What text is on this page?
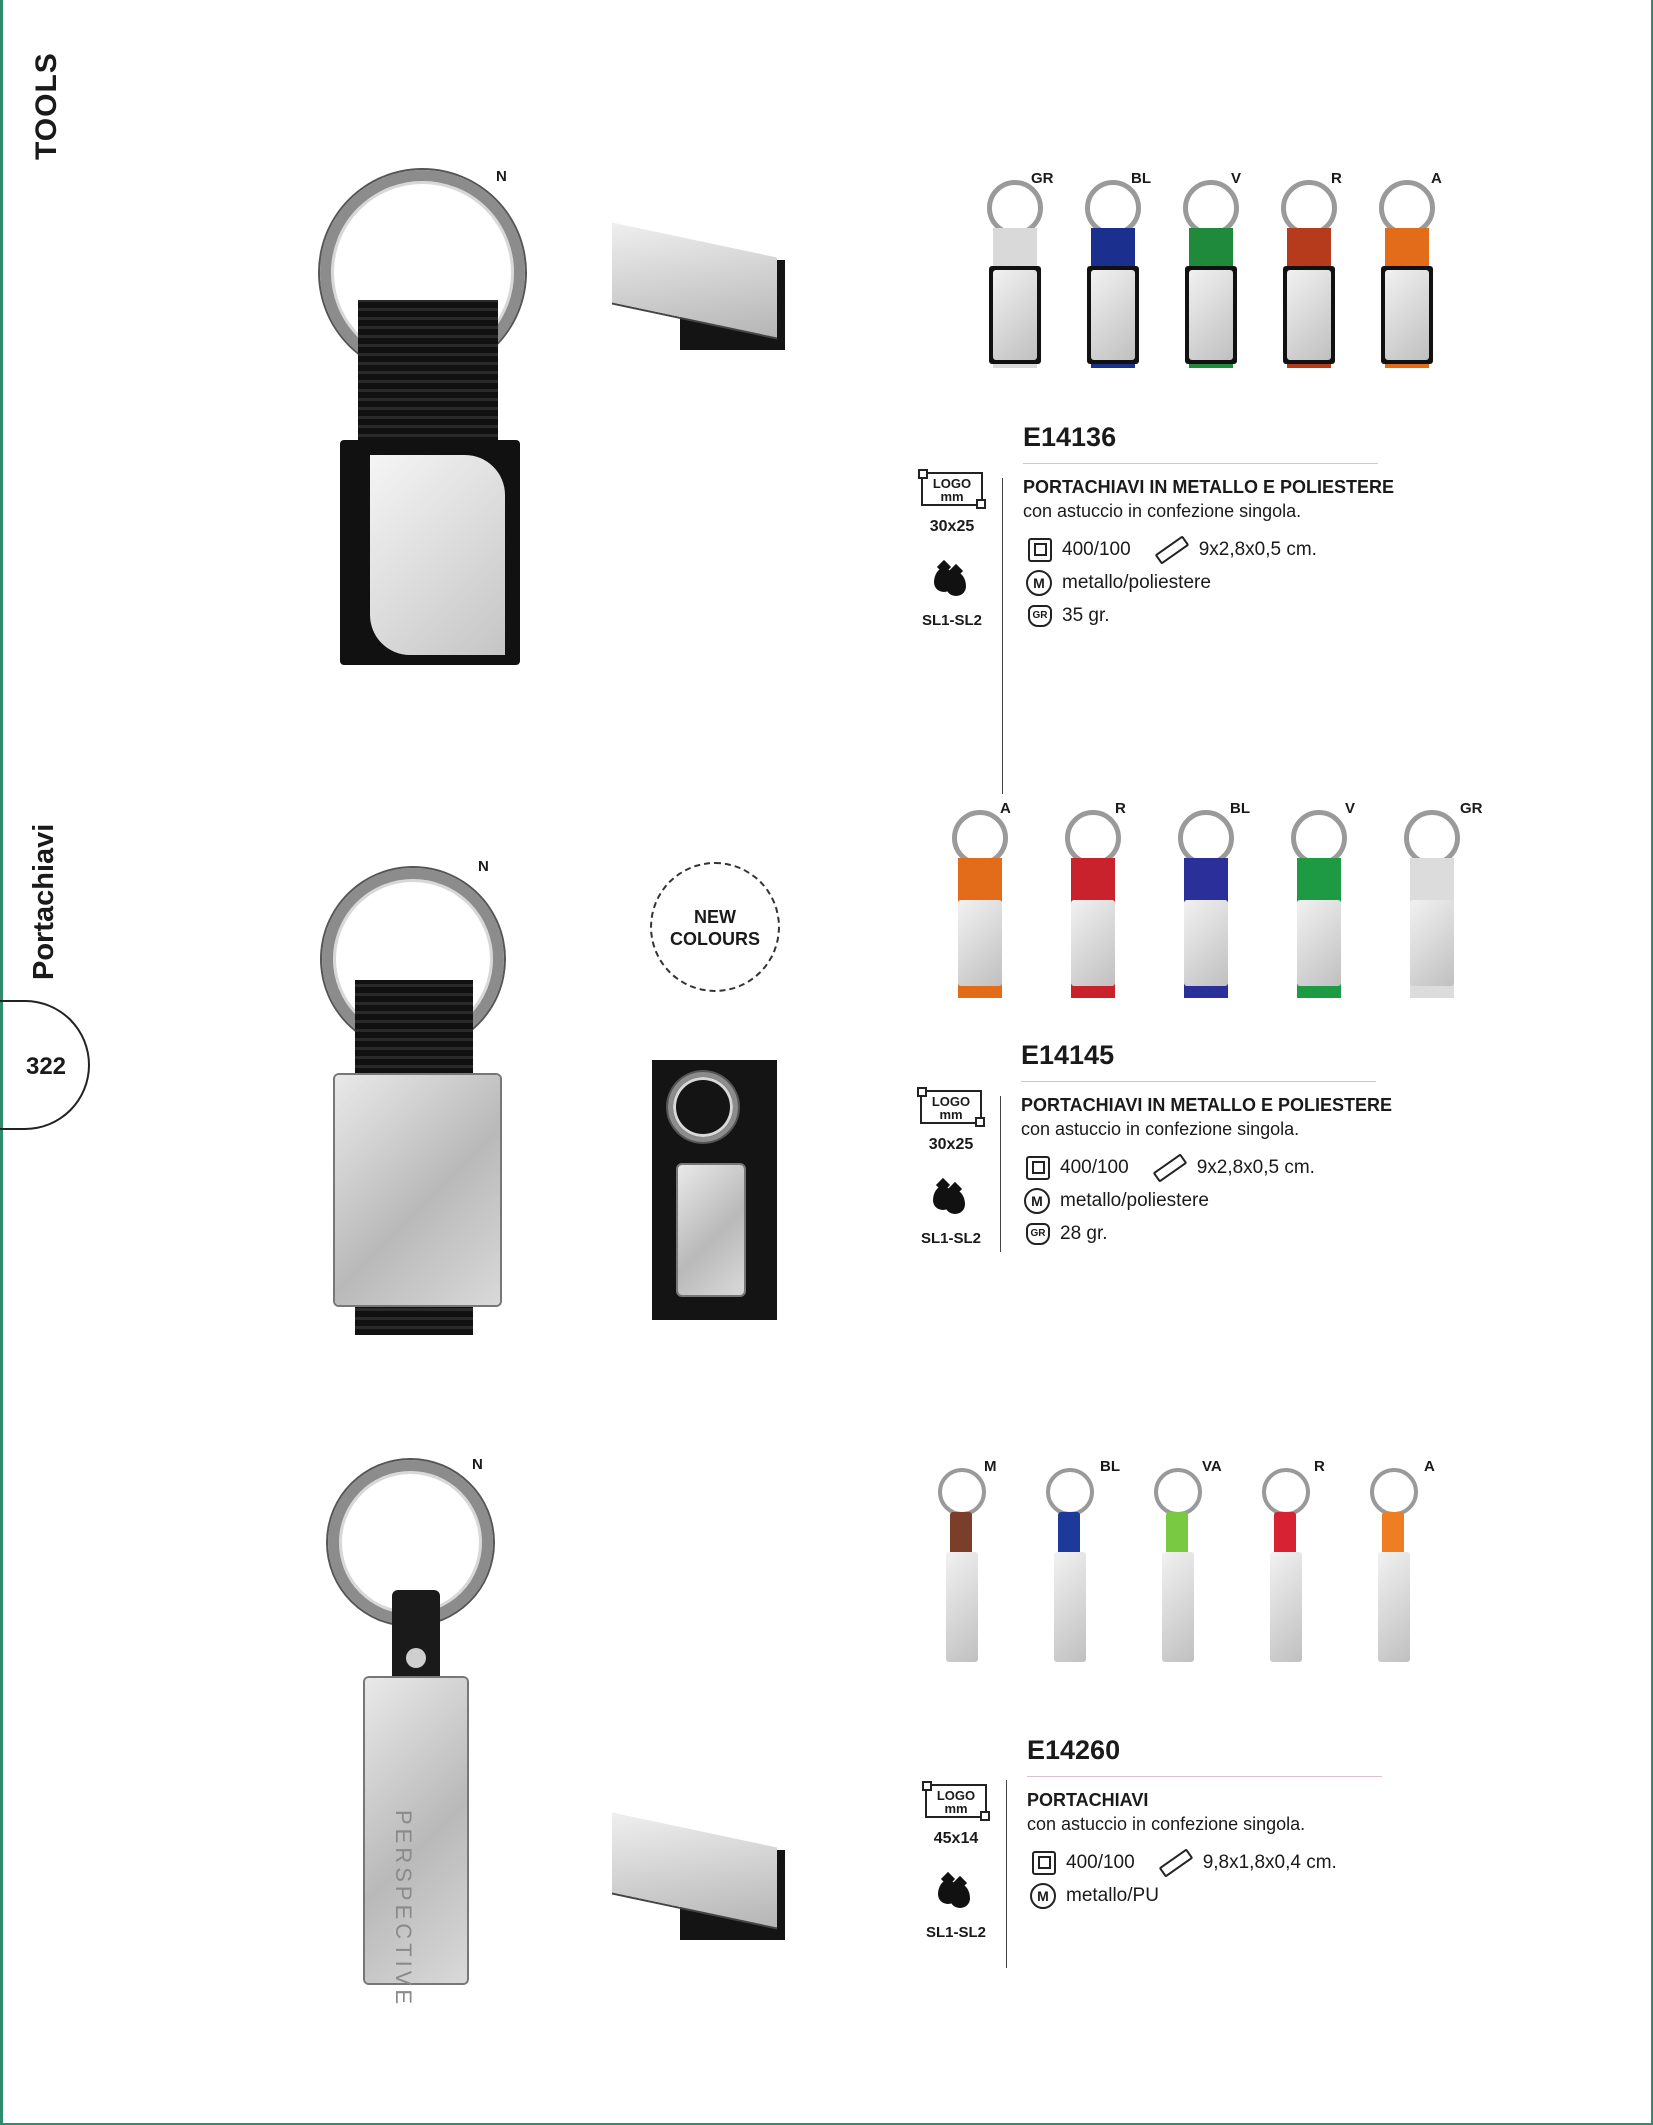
TOOLS
Portachiavi
322
N	GR	BL	V	R	A
E14136
PORTACHIAVI IN METALLO E POLIESTERE
con astuccio in confezione singola.
400/100	9x2,8x0,5 cm.
M metallo/poliestere
GR 35 gr.
LOGO
mm
30x25
SL1-SL2
N
NEW
COLOURS
A	R	BL	V	GR
E14145
PORTACHIAVI IN METALLO E POLIESTERE
con astuccio in confezione singola.
400/100	9x2,8x0,5 cm.
M metallo/poliestere
GR 28 gr.
LOGO
mm
30x25
SL1-SL2
PERSPECTIVE
N	M	BL	VA	R	A
E14260
PORTACHIAVI
con astuccio in confezione singola.
400/100	9,8x1,8x0,4 cm.
M metallo/PU
LOGO
mm
45x14
SL1-SL2
